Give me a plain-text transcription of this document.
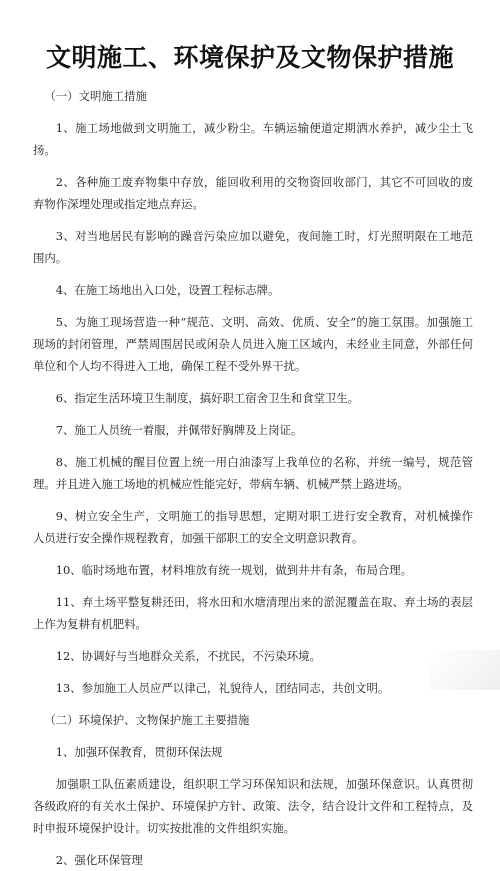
文明施工、环境保护及文物保护措施

（一）文明施工措施

1、施工场地做到文明施工，减少粉尘。车辆运输便道定期洒水养护，减少尘土飞扬。

2、各种施工废弃物集中存放，能回收利用的交物资回收部门，其它不可回收的废弃物作深埋处理或指定地点弃运。

3、对当地居民有影响的躁音污染应加以避免，夜间施工时，灯光照明限在工地范围内。

4、在施工场地出入口处，设置工程标志牌。

5、为施工现场营造一种“规范、文明、高效、优质、安全”的施工氛围。加强施工现场的封闭管理，严禁周围居民或闲杂人员进入施工区域内，未经业主同意，外部任何单位和个人均不得进入工地，确保工程不受外界干扰。

6、指定生活环境卫生制度，搞好职工宿舍卫生和食堂卫生。

7、施工人员统一着服，并佩带好胸牌及上岗证。

8、施工机械的醒目位置上统一用白油漆写上我单位的名称，并统一编号，规范管理。并且进入施工场地的机械应性能完好，带病车辆、机械严禁上路进场。

9、树立安全生产，文明施工的指导思想，定期对职工进行安全教育，对机械操作人员进行安全操作规程教育，加强干部职工的安全文明意识教育。

10、临时场地布置，材料堆放有统一规划，做到井井有条，布局合理。

11、弃土场平整复耕还田，将水田和水塘清理出来的淤泥覆盖在取、弃土场的表层上作为复耕有机肥料。

12、协调好与当地群众关系，不扰民，不污染环境。

13、参加施工人员应严以律己，礼貌待人，团结同志，共创文明。

（二）环境保护、文物保护施工主要措施

1、加强环保教育，贯彻环保法规

加强职工队伍素质建设，组织职工学习环保知识和法规，加强环保意识。认真贯彻各级政府的有关水土保护、环境保护方针、政策、法令，结合设计文件和工程特点，及时申报环境保护设计。切实按批准的文件组织实施。

2、强化环保管理
